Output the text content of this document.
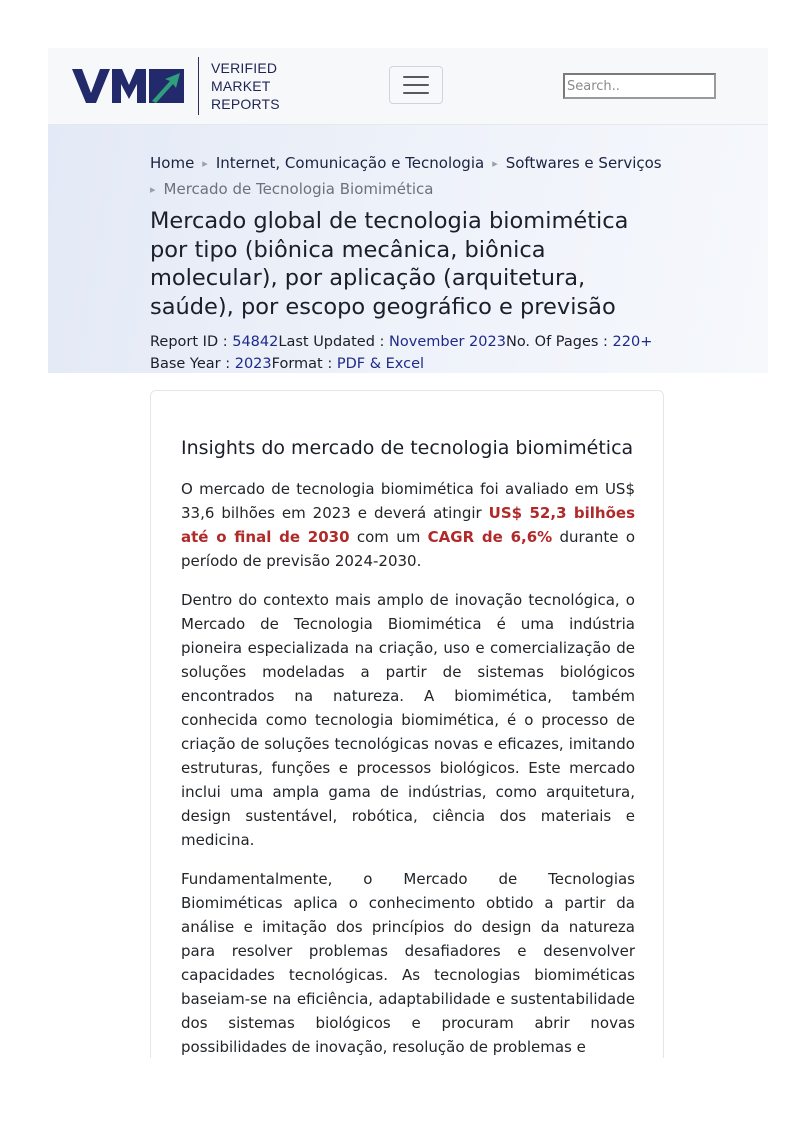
VERIFIED
MARKET
REPORTS
Search..
Home ▸ Internet, Comunicação e Tecnologia ▸ Softwares e Serviços
▸ Mercado de Tecnologia Biomimética
Mercado global de tecnologia biomimética por tipo (biônica mecânica, biônica molecular), por aplicação (arquitetura, saúde), por escopo geográfico e previsão
Report ID : 54842Last Updated : November 2023No. Of Pages : 220+
Base Year : 2023Format : PDF & Excel
Insights do mercado de tecnologia biomimética

O mercado de tecnologia biomimética foi avaliado em US$ 33,6 bilhões em 2023 e deverá atingir US$ 52,3 bilhões até o final de 2030 com um CAGR de 6,6% durante o período de previsão 2024-2030.

Dentro do contexto mais amplo de inovação tecnológica, o Mercado de Tecnologia Biomimética é uma indústria pioneira especializada na criação, uso e comercialização de soluções modeladas a partir de sistemas biológicos encontrados na natureza. A biomimética, também conhecida como tecnologia biomimética, é o processo de criação de soluções tecnológicas novas e eficazes, imitando estruturas, funções e processos biológicos. Este mercado inclui uma ampla gama de indústrias, como arquitetura, design sustentável, robótica, ciência dos materiais e medicina.

Fundamentalmente, o Mercado de Tecnologias Biomiméticas aplica o conhecimento obtido a partir da análise e imitação dos princípios do design da natureza para resolver problemas desafiadores e desenvolver capacidades tecnológicas. As tecnologias biomiméticas baseiam-se na eficiência, adaptabilidade e sustentabilidade dos sistemas biológicos e procuram abrir novas possibilidades de inovação, resolução de problemas e
